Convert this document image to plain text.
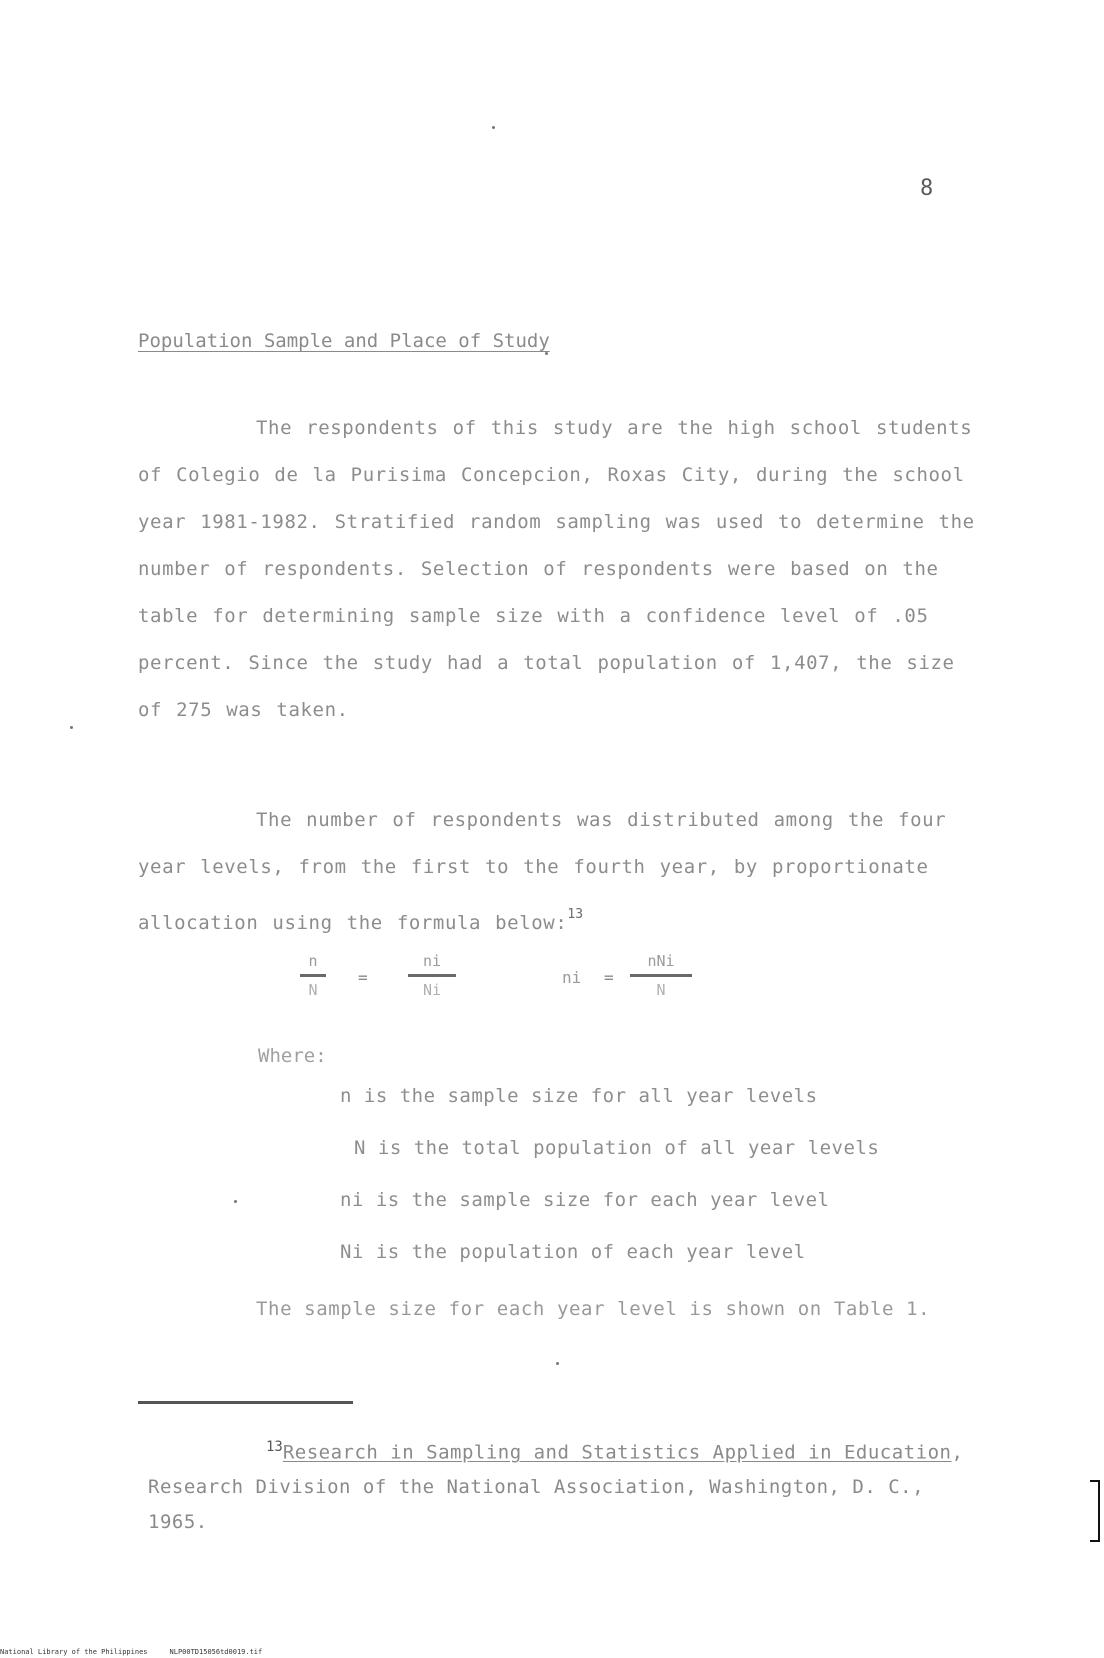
8
Population Sample and Place of Study

The respondents of this study are the high school students of Colegio de la Purisima Concepcion, Roxas City, during the school year 1981-1982. Stratified random sampling was used to determine the number of respondents. Selection of respondents were based on the table for determining sample size with a confidence level of .05 percent. Since the study had a total population of 1,407, the size of 275 was taken.

The number of respondents was distributed among the four year levels, from the first to the fourth year, by proportionate allocation using the formula below:$^{13}$

n
N
=
ni
Ni
ni =
nNi
N
Where:
n is the sample size for all year levels
N is the total population of all year levels
ni is the sample size for each year level
Ni is the population of each year level

The sample size for each year level is shown on Table 1.

$^{13}$Research in Sampling and Statistics Applied in Education, Research Division of the National Association, Washington, D. C., 1965.

National Library of the Philippines	NLP00TD15056td0019.tif
